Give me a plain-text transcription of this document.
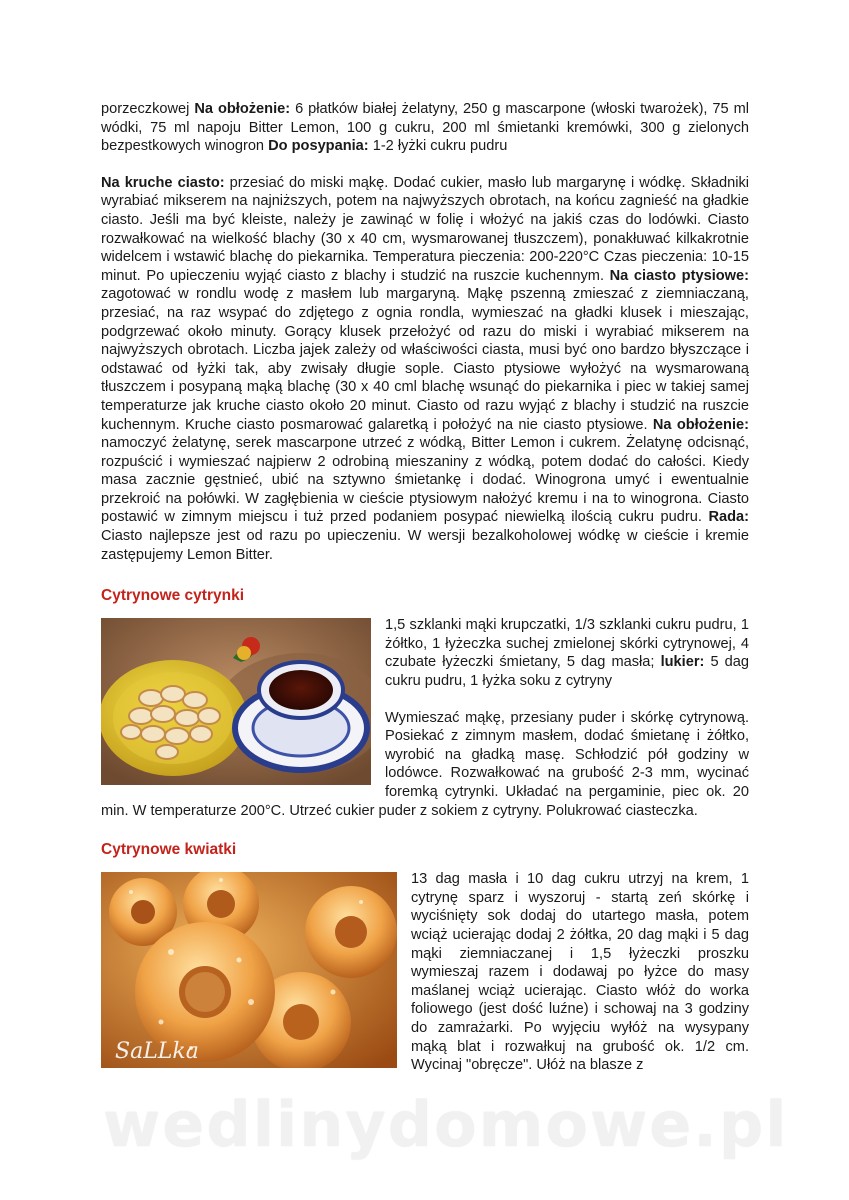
porzeczkowej Na obłożenie: 6 płatków białej żelatyny, 250 g mascarpone (włoski twarożek), 75 ml wódki, 75 ml napoju Bitter Lemon, 100 g cukru, 200 ml śmietanki kremówki, 300 g zielonych bezpestkowych winogron Do posypania: 1-2 łyżki cukru pudru

Na kruche ciasto: przesiać do miski mąkę. Dodać cukier, masło lub margarynę i wódkę. Składniki wyrabiać mikserem na najniższych, potem na najwyższych obrotach, na końcu zagnieść na gładkie ciasto. Jeśli ma być kleiste, należy je zawinąć w folię i włożyć na jakiś czas do lodówki. Ciasto rozwałkować na wielkość blachy (30 x 40 cm, wysmarowanej tłuszczem), ponakłuwać kilkakrotnie widelcem i wstawić blachę do piekarnika. Temperatura pieczenia: 200-220°C Czas pieczenia: 10-15 minut. Po upieczeniu wyjąć ciasto z blachy i studzić na ruszcie kuchennym. Na ciasto ptysiowe: zagotować w rondlu wodę z masłem lub margaryną. Mąkę pszenną zmieszać z ziemniaczaną, przesiać, na raz wsypać do zdjętego z ognia rondla, wymieszać na gładki klusek i mieszając, podgrzewać około minuty. Gorący klusek przełożyć od razu do miski i wyrabiać mikserem na najwyższych obrotach. Liczba jajek zależy od właściwości ciasta, musi być ono bardzo błyszczące i odstawać od łyżki tak, aby zwisały długie sople. Ciasto ptysiowe wyłożyć na wysmarowaną tłuszczem i posypaną mąką blachę (30 x 40 cml blachę wsunąć do piekarnika i piec w takiej samej temperaturze jak kruche ciasto około 20 minut. Ciasto od razu wyjąć z blachy i studzić na ruszcie kuchennym. Kruche ciasto posmarować galaretką i położyć na nie ciasto ptysiowe. Na obłożenie: namoczyć żelatynę, serek mascarpone utrzeć z wódką, Bitter Lemon i cukrem. Żelatynę odcisnąć, rozpuścić i wymieszać najpierw 2 odrobiną mieszaniny z wódką, potem dodać do całości. Kiedy masa zacznie gęstnieć, ubić na sztywno śmietankę i dodać. Winogrona umyć i ewentualnie przekroić na połówki. W zagłębienia w cieście ptysiowym nałożyć kremu i na to winogrona. Ciasto postawić w zimnym miejscu i tuż przed podaniem posypać niewielką ilością cukru pudru. Rada: Ciasto najlepsze jest od razu po upieczeniu. W wersji bezalkoholowej wódkę w cieście i kremie zastępujemy Lemon Bitter.

Cytrynowe cytrynki

1,5 szklanki mąki krupczatki, 1/3 szklanki cukru pudru, 1 żółtko, 1 łyżeczka suchej zmielonej skórki cytrynowej, 4 czubate łyżeczki śmietany, 5 dag masła; lukier: 5 dag cukru pudru, 1 łyżka soku z cytryny

Wymieszać mąkę, przesiany puder i skórkę cytrynową. Posiekać z zimnym masłem, dodać śmietanę i żółtko, wyrobić na gładką masę. Schłodzić pół godziny w lodówce. Rozwałkować na grubość 2-3 mm, wycinać foremką cytrynki. Układać na pergaminie, piec ok. 20 min. W temperaturze 200°C. Utrzeć cukier puder z sokiem z cytryny. Polukrować ciasteczka.

Cytrynowe kwiatki
SaLLka

13 dag masła i 10 dag cukru utrzyj na krem, 1 cytrynę sparz i wyszoruj - startą zeń skórkę i wyciśnięty sok dodaj do utartego masła, potem wciąż ucierając dodaj 2 żółtka, 20 dag mąki i 5 dag mąki ziemniaczanej i 1,5 łyżeczki proszku wymieszaj razem i dodawaj po łyżce do masy maślanej wciąż ucierając. Ciasto włóż do worka foliowego (jest dość luźne) i schowaj na 3 godziny do zamrażarki. Po wyjęciu wyłóż na wysypany mąką blat i rozwałkuj na grubość ok. 1/2 cm. Wycinaj "obręcze". Ułóż na blasze z

wedlinydomowe.pl
